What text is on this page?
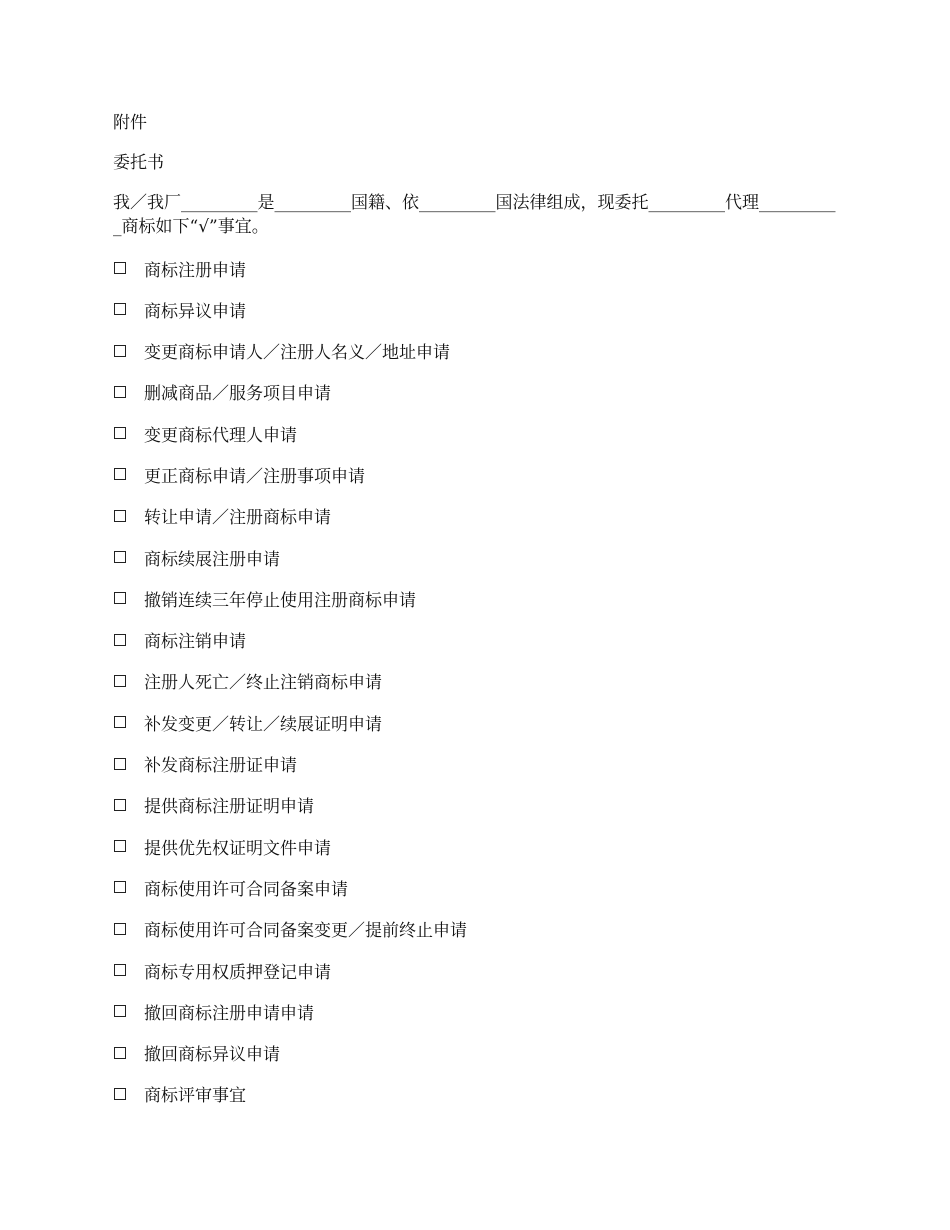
附件
委托书
我／我厂_________是_________国籍、依_________国法律组成，现委托_________代理__________商标如下“√”事宜。
商标注册申请
商标异议申请
变更商标申请人／注册人名义／地址申请
删减商品／服务项目申请
变更商标代理人申请
更正商标申请／注册事项申请
转让申请／注册商标申请
商标续展注册申请
撤销连续三年停止使用注册商标申请
商标注销申请
注册人死亡／终止注销商标申请
补发变更／转让／续展证明申请
补发商标注册证申请
提供商标注册证明申请
提供优先权证明文件申请
商标使用许可合同备案申请
商标使用许可合同备案变更／提前终止申请
商标专用权质押登记申请
撤回商标注册申请申请
撤回商标异议申请
商标评审事宜
